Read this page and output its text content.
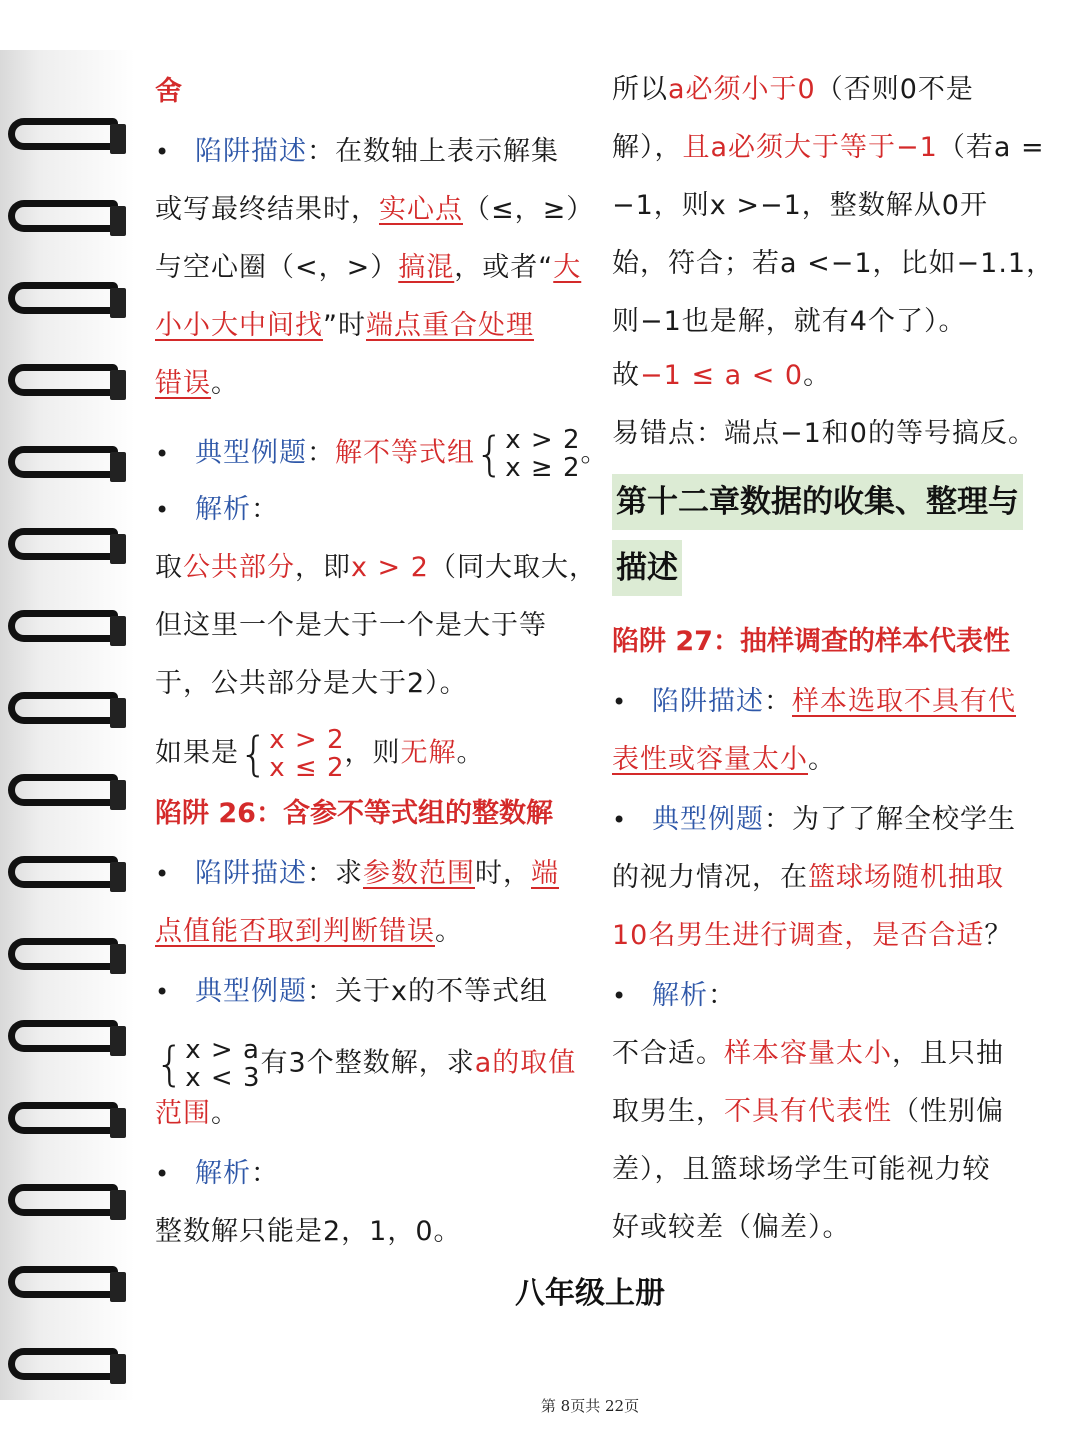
舍
• 陷阱描述：在数轴上表示解集
或写最终结果时，实心点（≤，≥）
与空心圈（<，>）搞混，或者“大
小小大中间找”时端点重合处理
错误。
• 典型例题：解不等式组{ x > 2
x ≥ 2 。
• 解析：
取公共部分，即x > 2（同大取大，
但这里一个是大于一个是大于等
于，公共部分是大于2）。
如果是{ x > 2
x ≤ 2 ，则无解。
陷阱 26：含参不等式组的整数解
• 陷阱描述：求参数范围时，端
点值能否取到判断错误。
• 典型例题：关于x的不等式组
{ x > a
x < 3 有3个整数解，求a的取值
范围。
• 解析：
整数解只能是2，1，0。
所以a必须小于0（否则0不是
解），且a必须大于等于−1（若a =
−1，则x >−1，整数解从0开
始，符合；若a <−1，比如−1.1，
则−1也是解，就有4个了）。
故−1 ≤ a < 0。
易错点：端点−1和0的等号搞反。
第十二章数据的收集、整理与
描述
陷阱 27：抽样调查的样本代表性
• 陷阱描述：样本选取不具有代
表性或容量太小。
• 典型例题：为了了解全校学生
的视力情况，在篮球场随机抽取
10名男生进行调查，是否合适？
• 解析：
不合适。样本容量太小，且只抽
取男生，不具有代表性（性别偏
差），且篮球场学生可能视力较
好或较差（偏差）。
八年级上册
第 8页共 22页
